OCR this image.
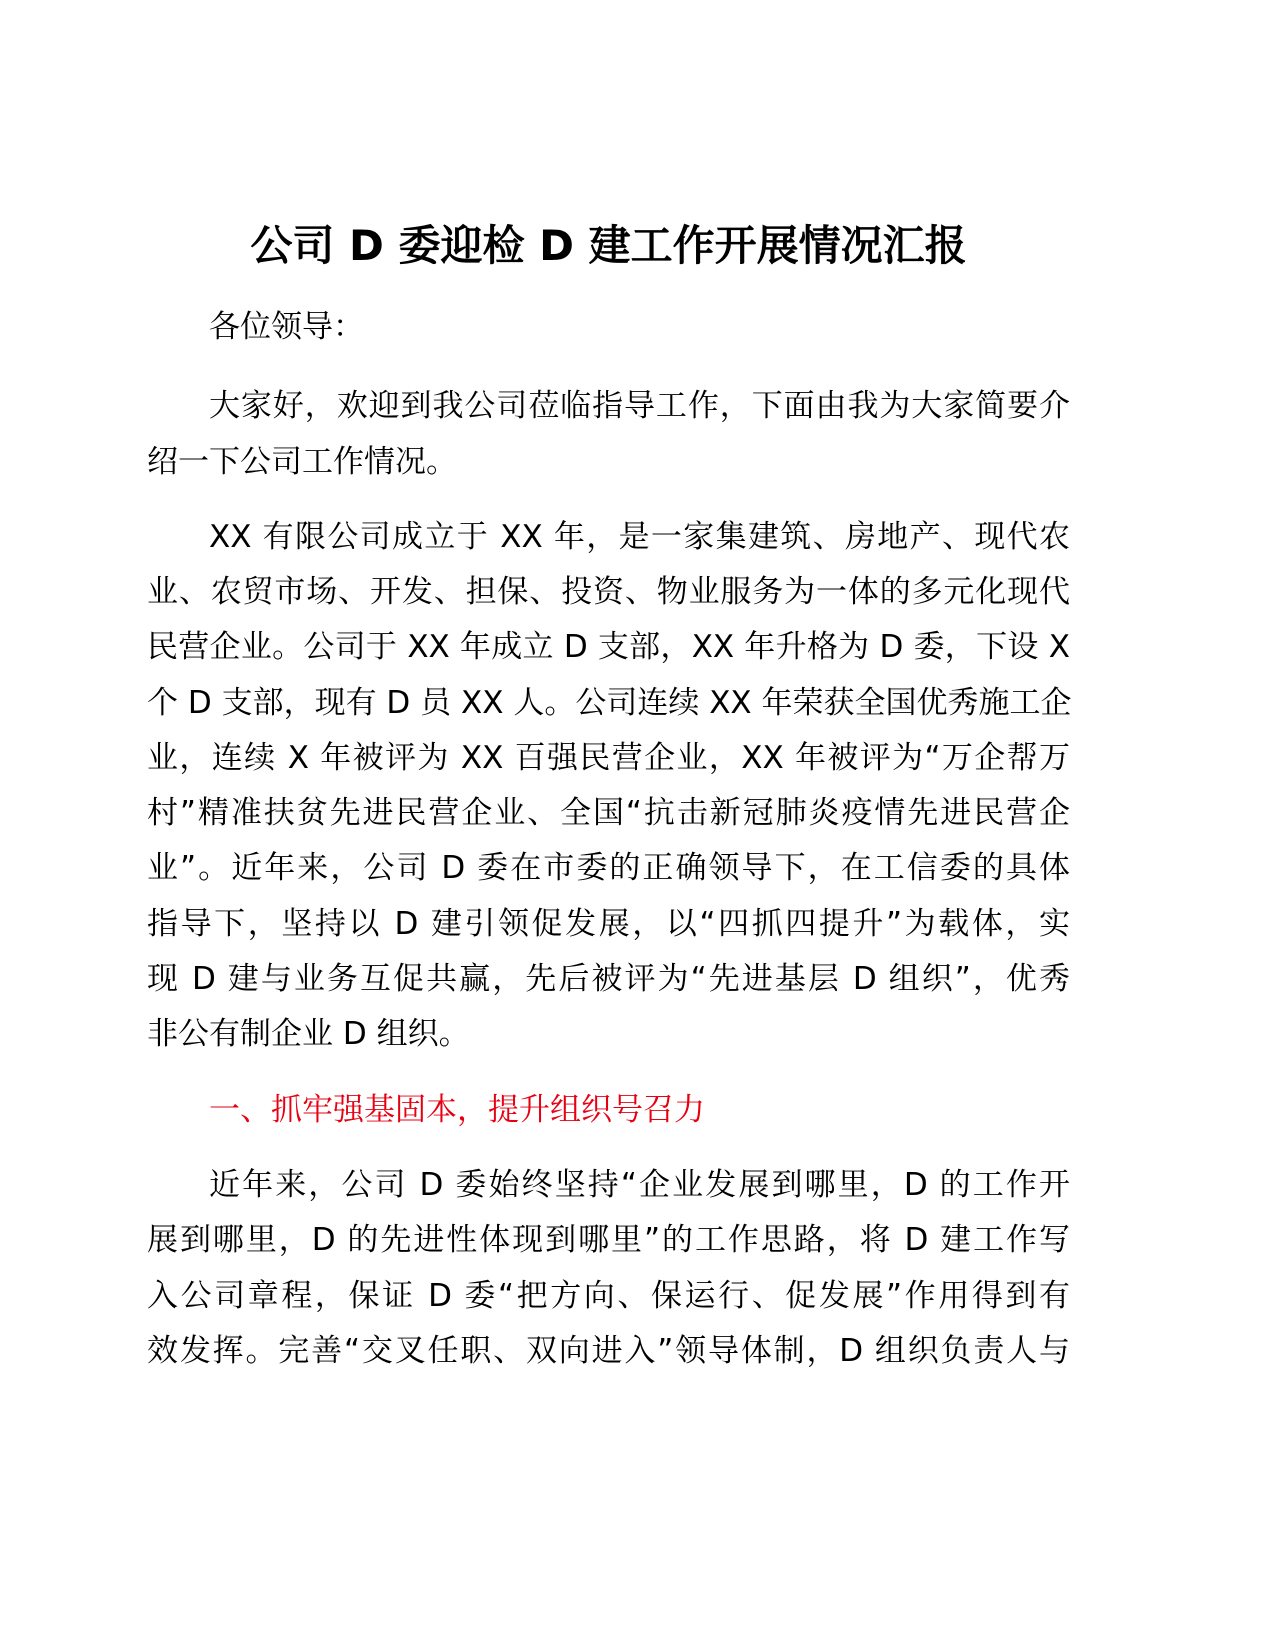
公司 D 委迎检 D 建工作开展情况汇报

各位领导：

大家好，欢迎到我公司莅临指导工作，下面由我为大家简要介

绍一下公司工作情况。

XX 有限公司成立于 XX 年，是一家集建筑、房地产、现代农

业、农贸市场、开发、担保、投资、物业服务为一体的多元化现代

民营企业。公司于 XX 年成立 D 支部，XX 年升格为 D 委，下设 X

个 D 支部，现有 D 员 XX 人。公司连续 XX 年荣获全国优秀施工企

业，连续 X 年被评为 XX 百强民营企业，XX 年被评为“万企帮万

村”精准扶贫先进民营企业、全国“抗击新冠肺炎疫情先进民营企

业”。近年来，公司 D 委在市委的正确领导下，在工信委的具体

指导下，坚持以 D 建引领促发展，以“四抓四提升”为载体，实

现 D 建与业务互促共赢，先后被评为“先进基层 D 组织”，优秀

非公有制企业 D 组织。

一、抓牢强基固本，提升组织号召力

近年来，公司 D 委始终坚持“企业发展到哪里，D 的工作开

展到哪里，D 的先进性体现到哪里”的工作思路，将 D 建工作写

入公司章程，保证 D 委“把方向、保运行、促发展”作用得到有

效发挥。完善“交叉任职、双向进入”领导体制，D 组织负责人与
